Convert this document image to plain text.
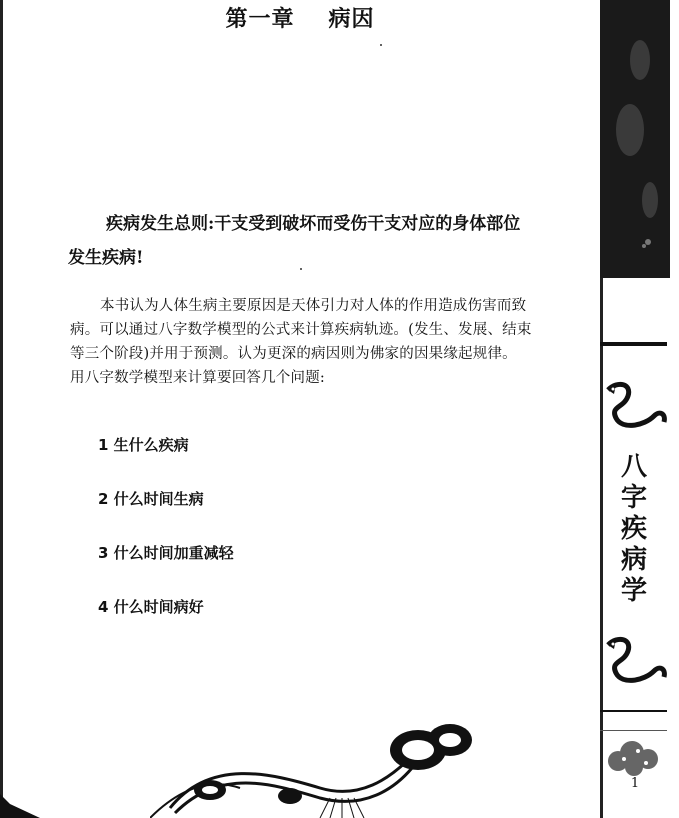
第一章 病因
疾病发生总则:干支受到破坏而受伤干支对应的身体部位
发生疾病!
本书认为人体生病主要原因是天体引力对人体的作用造成伤害而致
病。可以通过八字数学模型的公式来计算疾病轨迹。(发生、发展、结束
等三个阶段)并用于预测。认为更深的病因则为佛家的因果缘起规律。
用八字数学模型来计算要回答几个问题:
1 生什么疾病
2 什么时间生病
3 什么时间加重减轻
4 什么时间病好
八
字
疾
病
学
1
